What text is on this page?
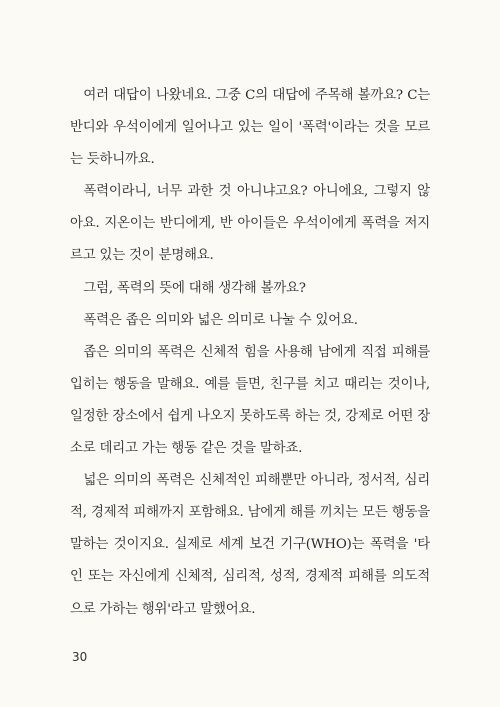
여러 대답이 나왔네요. 그중 C의 대답에 주목해 볼까요? C는 반디와 우석이에게 일어나고 있는 일이 '폭력'이라는 것을 모르는 듯하니까요.

폭력이라니, 너무 과한 것 아니냐고요? 아니에요, 그렇지 않아요. 지온이는 반디에게, 반 아이들은 우석이에게 폭력을 저지르고 있는 것이 분명해요.

그럼, 폭력의 뜻에 대해 생각해 볼까요?

폭력은 좁은 의미와 넓은 의미로 나눌 수 있어요.

좁은 의미의 폭력은 신체적 힘을 사용해 남에게 직접 피해를 입히는 행동을 말해요. 예를 들면, 친구를 치고 때리는 것이나, 일정한 장소에서 쉽게 나오지 못하도록 하는 것, 강제로 어떤 장소로 데리고 가는 행동 같은 것을 말하죠.

넓은 의미의 폭력은 신체적인 피해뿐만 아니라, 정서적, 심리적, 경제적 피해까지 포함해요. 남에게 해를 끼치는 모든 행동을 말하는 것이지요. 실제로 세계 보건 기구(WHO)는 폭력을 '타인 또는 자신에게 신체적, 심리적, 성적, 경제적 피해를 의도적으로 가하는 행위'라고 말했어요.

30
